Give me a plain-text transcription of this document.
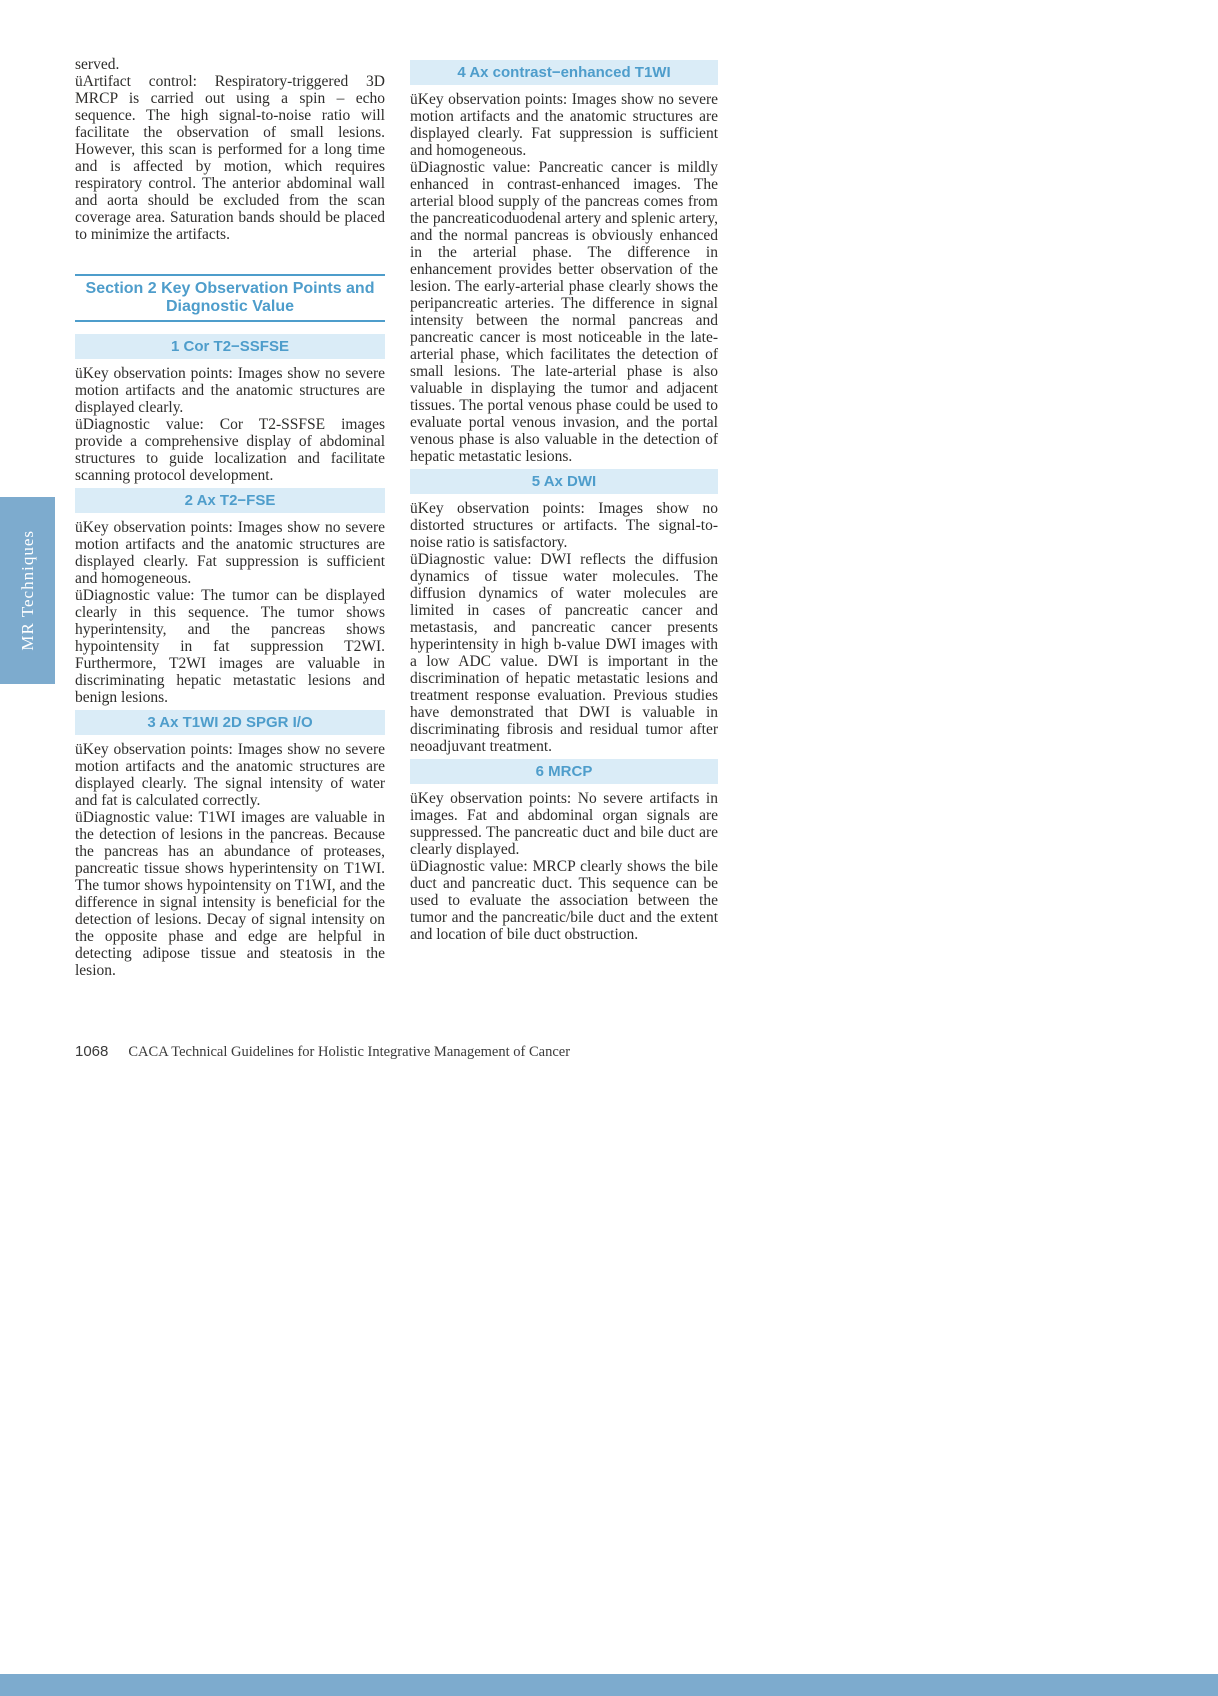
served.

üArtifact control: Respiratory-triggered 3D MRCP is carried out using a spin – echo sequence. The high signal-to-noise ratio will facilitate the observation of small lesions. However, this scan is performed for a long time and is affected by motion, which requires respiratory control. The anterior abdominal wall and aorta should be excluded from the scan coverage area. Saturation bands should be placed to minimize the artifacts.

Section 2 Key Observation Points and
Diagnostic Value
1 Cor T2−SSFSE

üKey observation points: Images show no severe motion artifacts and the anatomic structures are displayed clearly.

üDiagnostic value: Cor T2-SSFSE images provide a comprehensive display of abdominal structures to guide localization and facilitate scanning protocol development.

2 Ax T2−FSE

üKey observation points: Images show no severe motion artifacts and the anatomic structures are displayed clearly. Fat suppression is sufficient and homogeneous.

üDiagnostic value: The tumor can be displayed clearly in this sequence. The tumor shows hyperintensity, and the pancreas shows hypointensity in fat suppression T2WI. Furthermore, T2WI images are valuable in discriminating hepatic metastatic lesions and benign lesions.

3 Ax T1WI 2D SPGR I/O

üKey observation points: Images show no severe motion artifacts and the anatomic structures are displayed clearly. The signal intensity of water and fat is calculated correctly.

üDiagnostic value: T1WI images are valuable in the detection of lesions in the pancreas. Because the pancreas has an abundance of proteases, pancreatic tissue shows hyperintensity on T1WI. The tumor shows hypointensity on T1WI, and the difference in signal intensity is beneficial for the detection of lesions. Decay of signal intensity on the opposite phase and edge are helpful in detecting adipose tissue and steatosis in the lesion.

4 Ax contrast−enhanced T1WI

üKey observation points: Images show no severe motion artifacts and the anatomic structures are displayed clearly. Fat suppression is sufficient and homogeneous.

üDiagnostic value: Pancreatic cancer is mildly enhanced in contrast-enhanced images. The arterial blood supply of the pancreas comes from the pancreaticoduodenal artery and splenic artery, and the normal pancreas is obviously enhanced in the arterial phase. The difference in enhancement provides better observation of the lesion. The early-arterial phase clearly shows the peripancreatic arteries. The difference in signal intensity between the normal pancreas and pancreatic cancer is most noticeable in the late-arterial phase, which facilitates the detection of small lesions. The late-arterial phase is also valuable in displaying the tumor and adjacent tissues. The portal venous phase could be used to evaluate portal venous invasion, and the portal venous phase is also valuable in the detection of hepatic metastatic lesions.

5 Ax DWI

üKey observation points: Images show no distorted structures or artifacts. The signal-to-noise ratio is satisfactory.

üDiagnostic value: DWI reflects the diffusion dynamics of tissue water molecules. The diffusion dynamics of water molecules are limited in cases of pancreatic cancer and metastasis, and pancreatic cancer presents hyperintensity in high b-value DWI images with a low ADC value. DWI is important in the discrimination of hepatic metastatic lesions and treatment response evaluation. Previous studies have demonstrated that DWI is valuable in discriminating fibrosis and residual tumor after neoadjuvant treatment.

6 MRCP

üKey observation points: No severe artifacts in images. Fat and abdominal organ signals are suppressed. The pancreatic duct and bile duct are clearly displayed.

üDiagnostic value: MRCP clearly shows the bile duct and pancreatic duct. This sequence can be used to evaluate the association between the tumor and the pancreatic/bile duct and the extent and location of bile duct obstruction.

MR Techniques
1068 CACA Technical Guidelines for Holistic Integrative Management of Cancer
